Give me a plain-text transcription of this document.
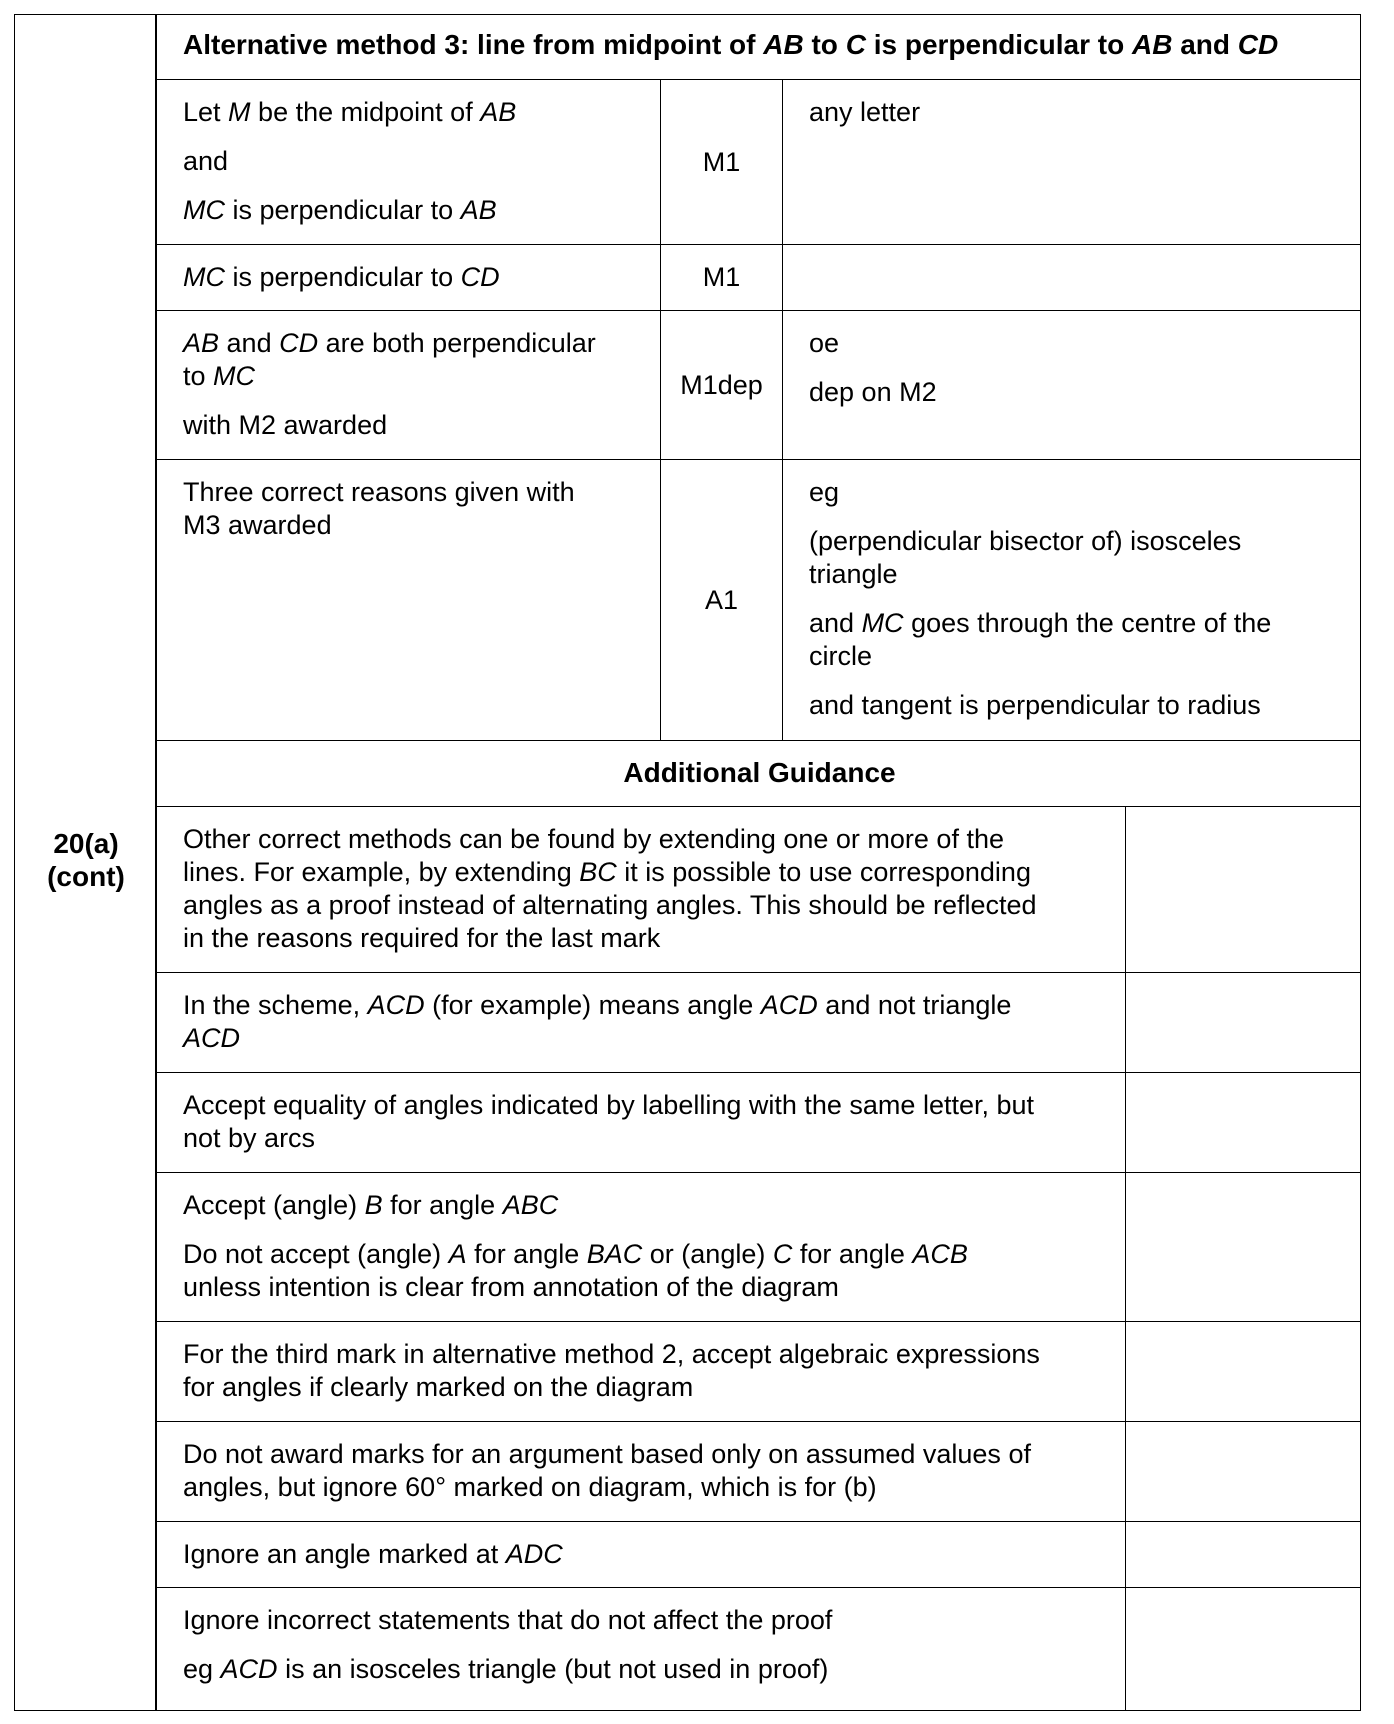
20(a)
(cont)
Alternative method 3: line from midpoint of AB to C is perpendicular to AB and CD

Let M be the midpoint of AB

and

MC is perpendicular to AB

M1
any letter
MC is perpendicular to CD	M1

AB and CD are both perpendicular

to MC

with M2 awarded

M1dep

oe

dep on M2

Three correct reasons given with

M3 awarded

A1

eg

(perpendicular bisector of) isosceles

triangle

and MC goes through the centre of the

circle

and tangent is perpendicular to radius

Additional Guidance

Other correct methods can be found by extending one or more of the

lines. For example, by extending BC it is possible to use corresponding

angles as a proof instead of alternating angles. This should be reflected

in the reasons required for the last mark

In the scheme, ACD (for example) means angle ACD and not triangle

ACD

Accept equality of angles indicated by labelling with the same letter, but

not by arcs

Accept (angle) B for angle ABC

Do not accept (angle) A for angle BAC or (angle) C for angle ACB

unless intention is clear from annotation of the diagram

For the third mark in alternative method 2, accept algebraic expressions

for angles if clearly marked on the diagram

Do not award marks for an argument based only on assumed values of

angles, but ignore 60° marked on diagram, which is for (b)

Ignore an angle marked at ADC

Ignore incorrect statements that do not affect the proof

eg ACD is an isosceles triangle (but not used in proof)
